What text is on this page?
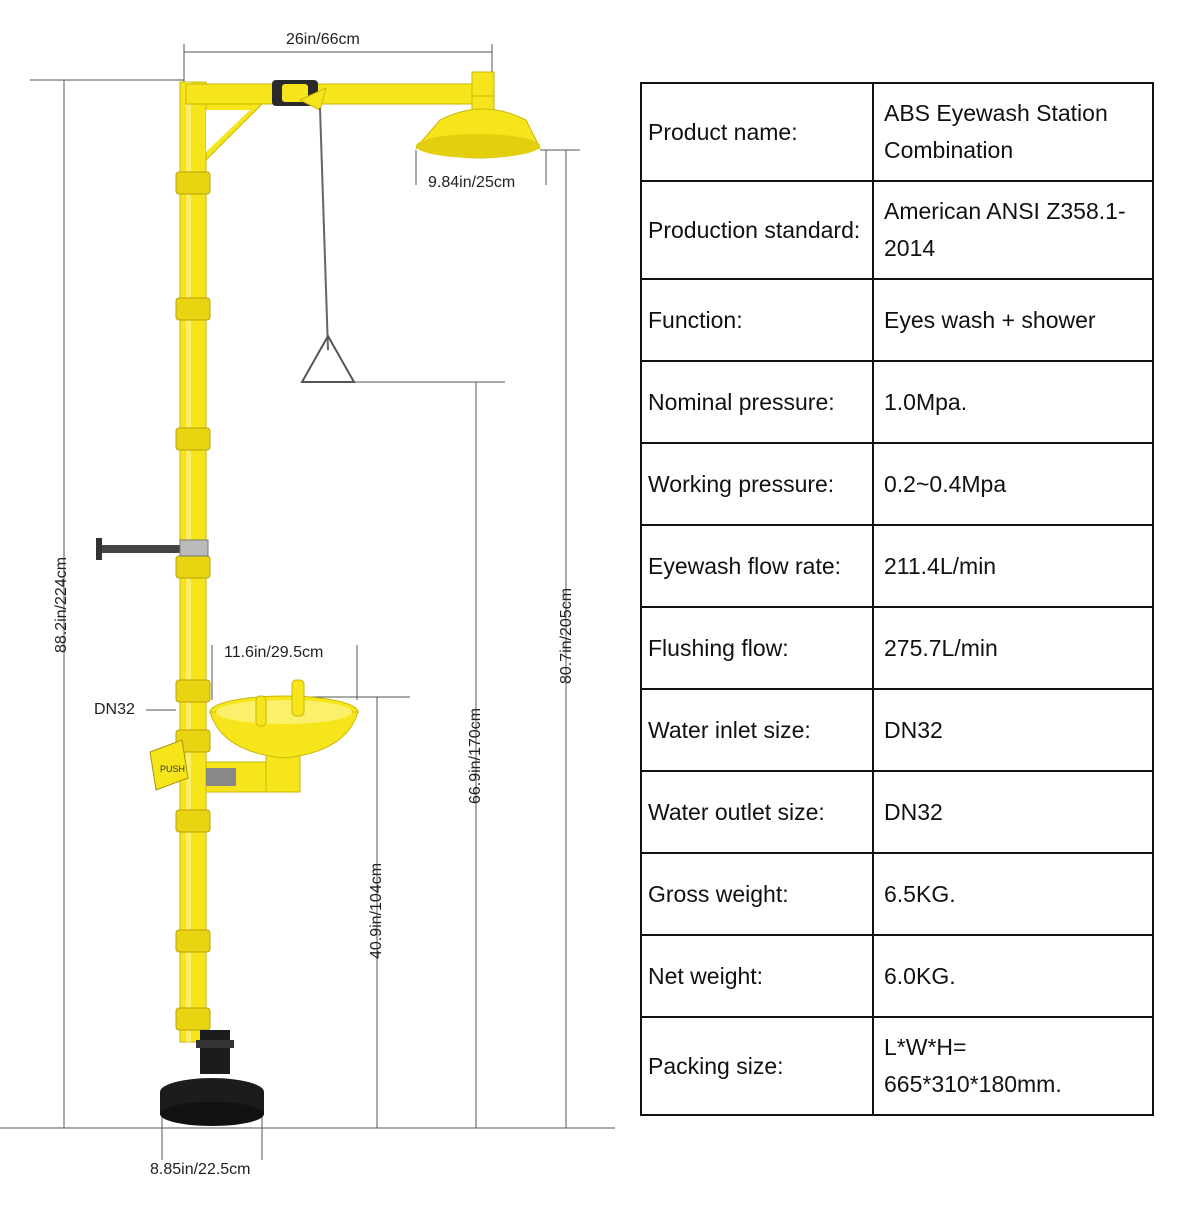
PUSH
26in/66cm
9.84in/25cm
88.2in/224cm	80.7in/205cm
66.9in/170cm
11.6in/29.5cm
40.9in/104cm
DN32
8.85in/22.5cm
Product name:	ABS Eyewash Station Combination
Production standard:	American ANSI Z358.1-2014
Function:	Eyes wash + shower
Nominal pressure:	1.0Mpa.
Working pressure:	0.2~0.4Mpa
Eyewash flow rate:	211.4L/min
Flushing flow:	275.7L/min
Water inlet size:	DN32
Water outlet size:	DN32
Gross weight:	6.5KG.
Net weight:	6.0KG.
Packing size:	L*W*H= 665*310*180mm.
